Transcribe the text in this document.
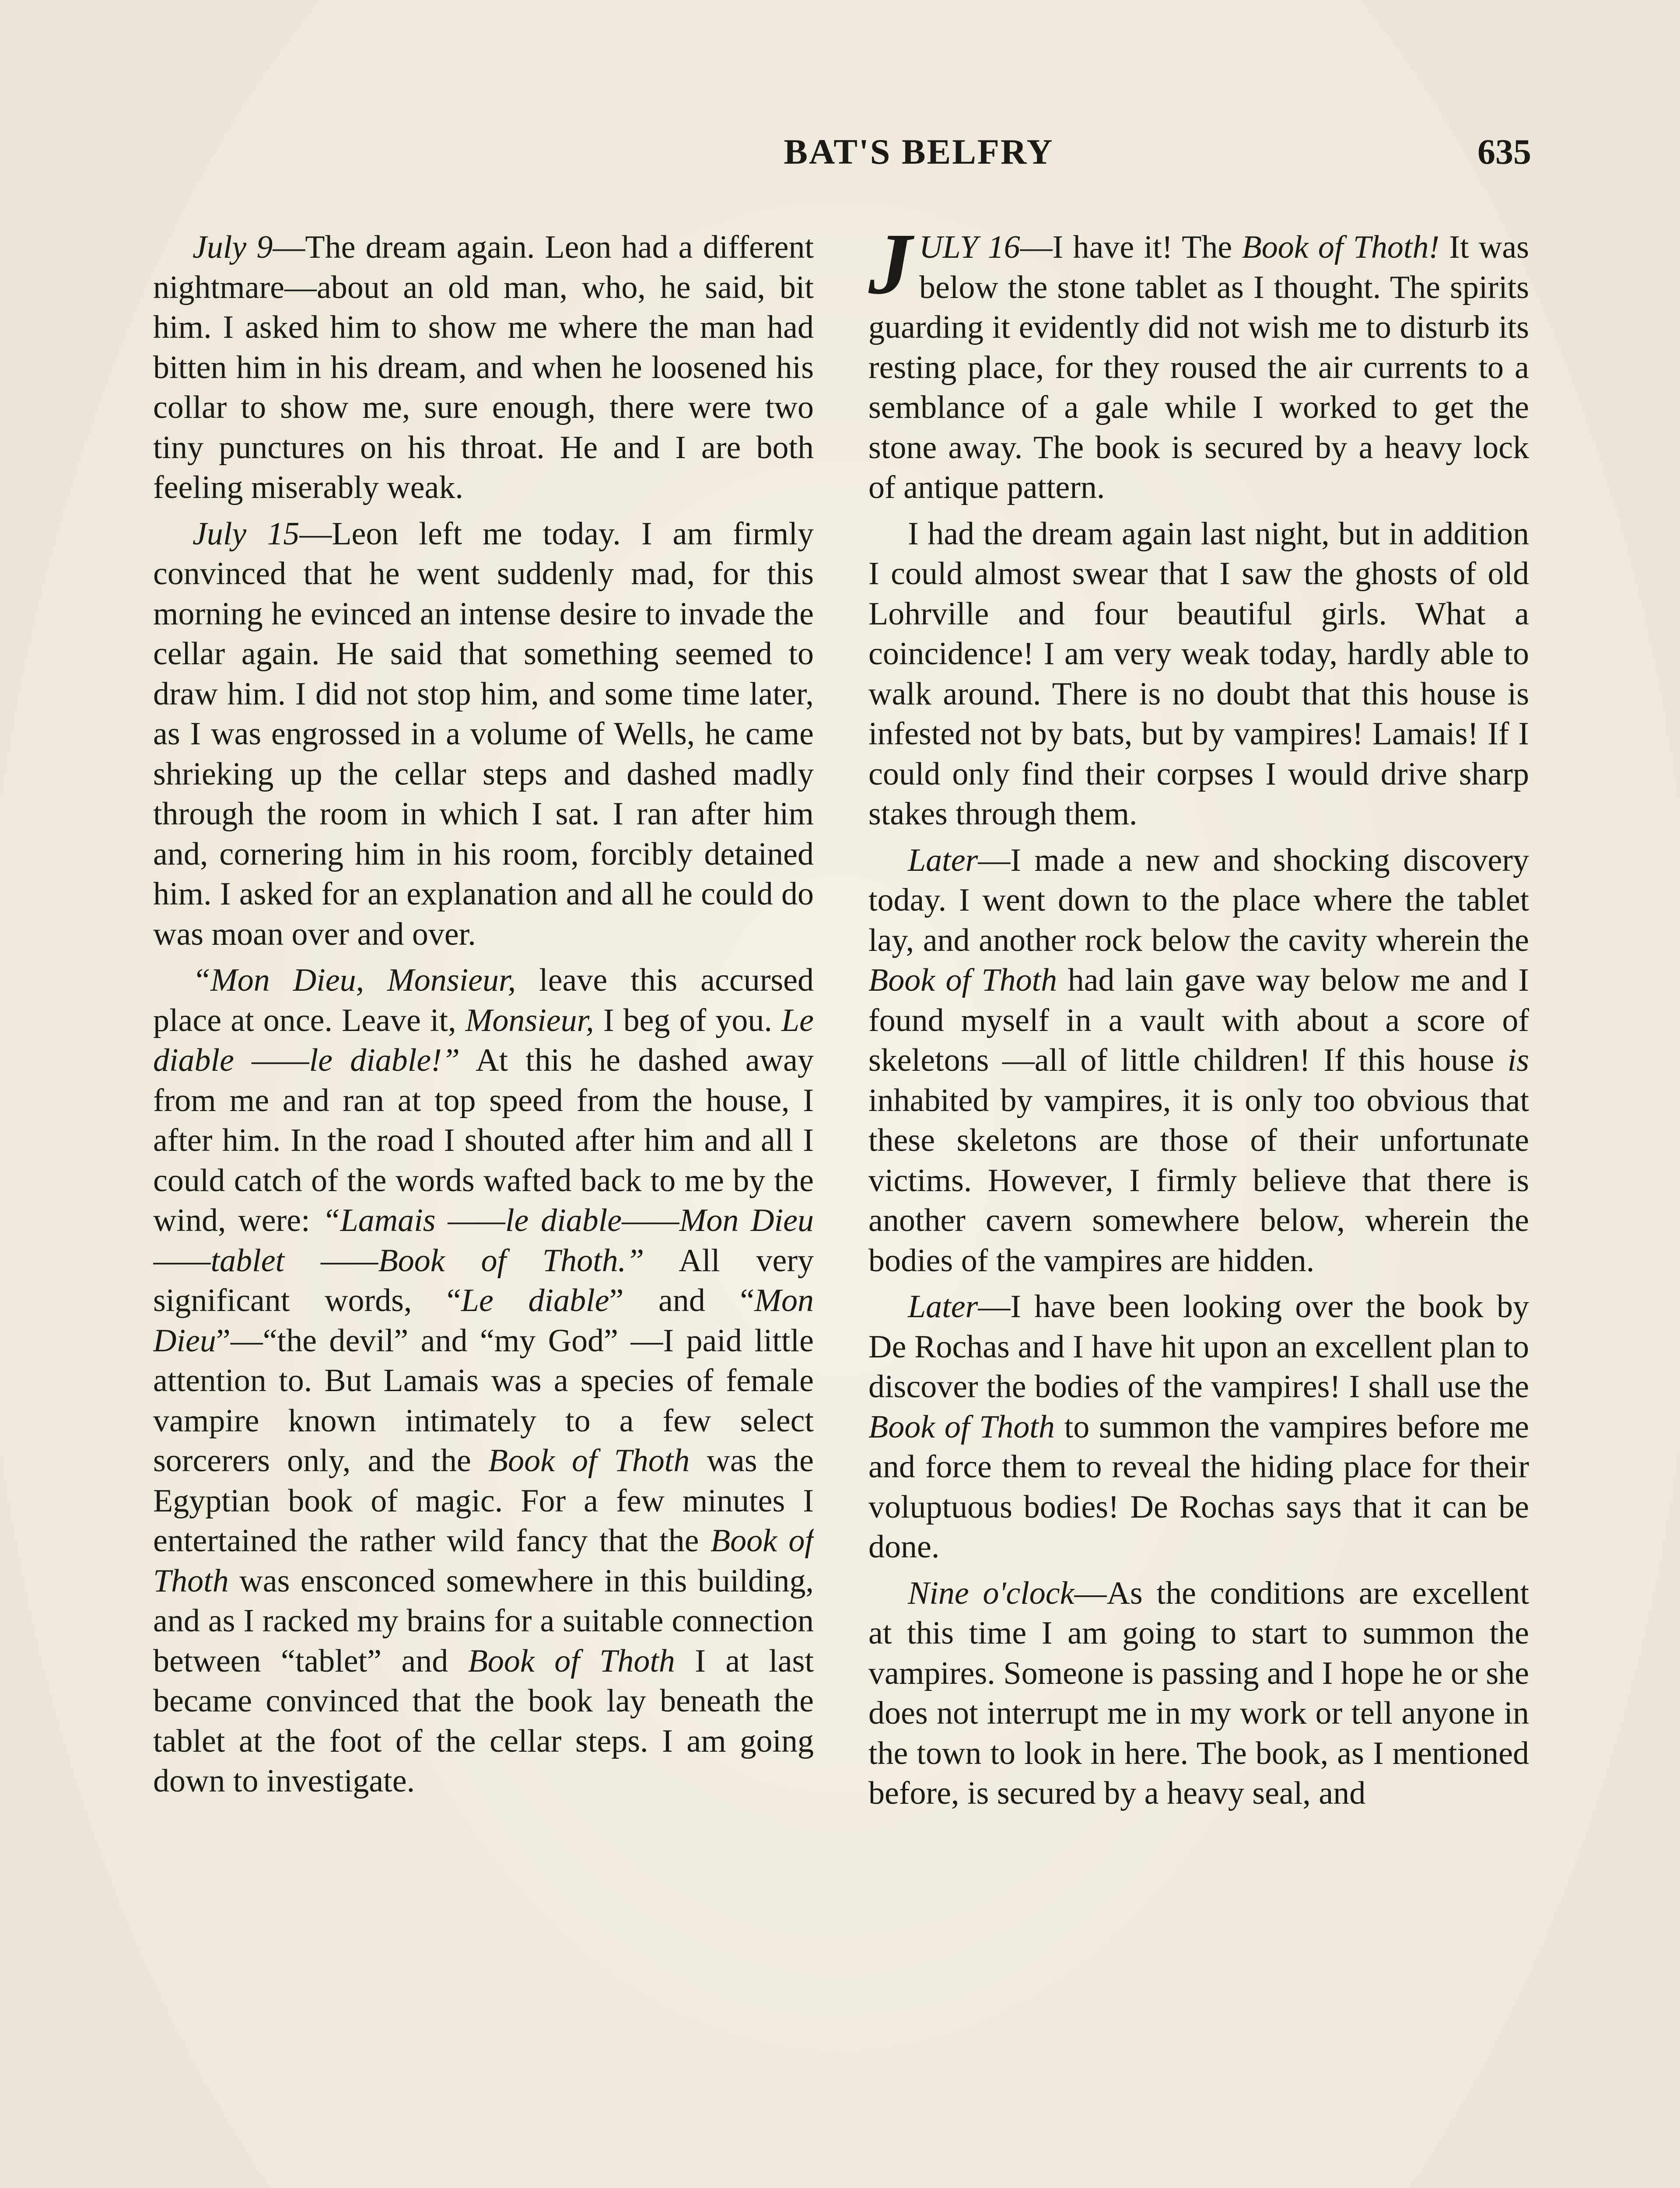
BAT'S BELFRY	635

July 9—The dream again. Leon had a different nightmare—about an old man, who, he said, bit him. I asked him to show me where the man had bitten him in his dream, and when he loosened his collar to show me, sure enough, there were two tiny punctures on his throat. He and I are both feeling miserably weak.

July 15—Leon left me today. I am firmly convinced that he went suddenly mad, for this morning he evinced an intense desire to invade the cellar again. He said that something seemed to draw him. I did not stop him, and some time later, as I was engrossed in a volume of Wells, he came shrieking up the cellar steps and dashed madly through the room in which I sat. I ran after him and, cornering him in his room, forcibly detained him. I asked for an explanation and all he could do was moan over and over.

“Mon Dieu, Monsieur, leave this accursed place at once. Leave it, Monsieur, I beg of you. Le diable ——le diable!” At this he dashed away from me and ran at top speed from the house, I after him. In the road I shouted after him and all I could catch of the words wafted back to me by the wind, were: “Lamais ——le diable——Mon Dieu——tablet ——Book of Thoth.” All very significant words, “Le diable” and “Mon Dieu”—“the devil” and “my God” —I paid little attention to. But Lamais was a species of female vampire known intimately to a few select sorcerers only, and the Book of Thoth was the Egyptian book of magic. For a few minutes I entertained the rather wild fancy that the Book of Thoth was ensconced somewhere in this building, and as I racked my brains for a suitable connection between “tablet” and Book of Thoth I at last became convinced that the book lay beneath the tablet at the foot of the cellar steps. I am going down to investigate.

JULY 16—I have it! The Book of Thoth! It was below the stone tablet as I thought. The spirits guarding it evidently did not wish me to disturb its resting place, for they roused the air currents to a semblance of a gale while I worked to get the stone away. The book is secured by a heavy lock of antique pattern.

I had the dream again last night, but in addition I could almost swear that I saw the ghosts of old Lohrville and four beautiful girls. What a coincidence! I am very weak today, hardly able to walk around. There is no doubt that this house is infested not by bats, but by vampires! Lamais! If I could only find their corpses I would drive sharp stakes through them.

Later—I made a new and shocking discovery today. I went down to the place where the tablet lay, and another rock below the cavity wherein the Book of Thoth had lain gave way below me and I found myself in a vault with about a score of skeletons —all of little children! If this house is inhabited by vampires, it is only too obvious that these skeletons are those of their unfortunate victims. However, I firmly believe that there is another cavern somewhere below, wherein the bodies of the vampires are hidden.

Later—I have been looking over the book by De Rochas and I have hit upon an excellent plan to discover the bodies of the vampires! I shall use the Book of Thoth to summon the vampires before me and force them to reveal the hiding place for their voluptuous bodies! De Rochas says that it can be done.

Nine o'clock—As the conditions are excellent at this time I am going to start to summon the vampires. Someone is passing and I hope he or she does not interrupt me in my work or tell anyone in the town to look in here. The book, as I mentioned before, is secured by a heavy seal, and
